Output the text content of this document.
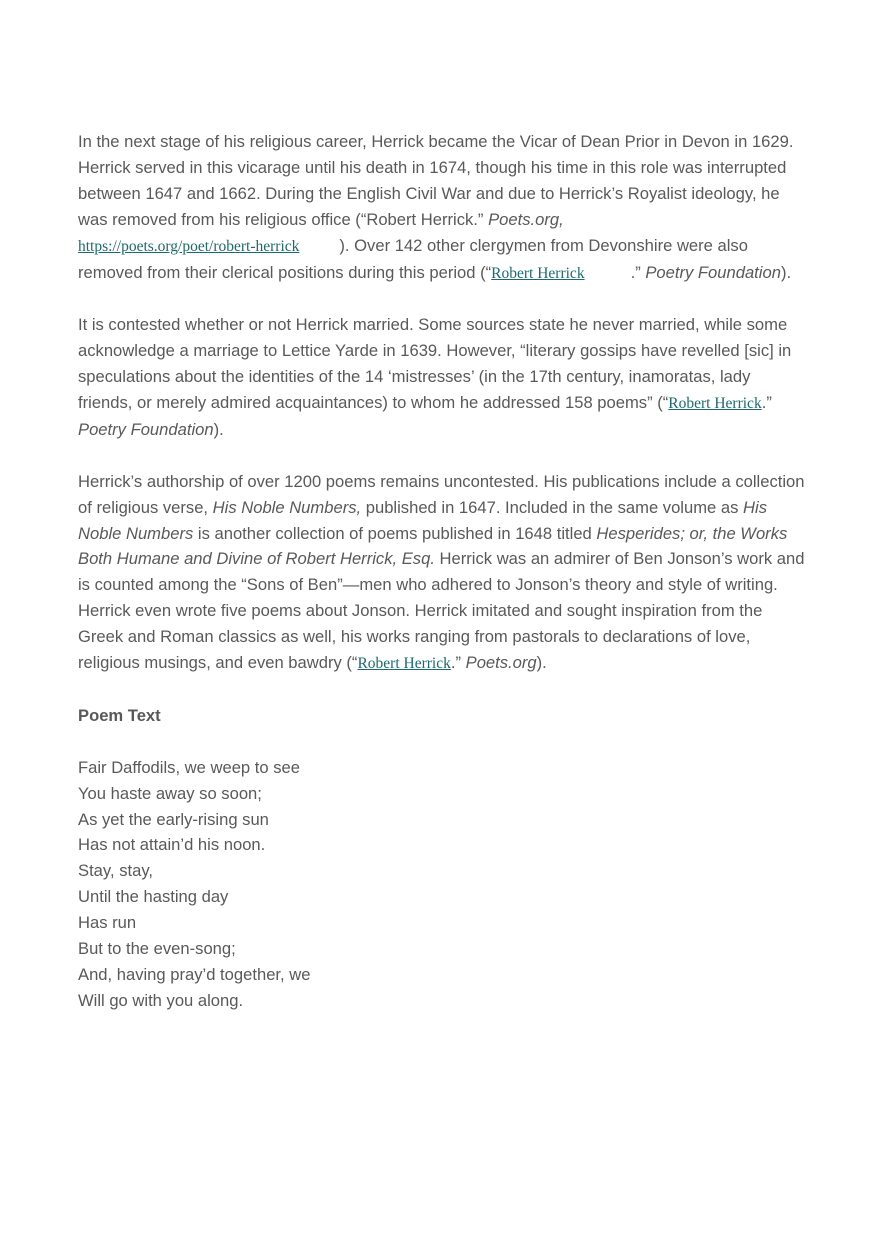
In the next stage of his religious career, Herrick became the Vicar of Dean Prior in Devon in 1629. Herrick served in this vicarage until his death in 1674, though his time in this role was interrupted between 1647 and 1662. During the English Civil War and due to Herrick’s Royalist ideology, he was removed from his religious office (“Robert Herrick.” Poets.org,
https://poets.org/poet/robert-herrick ). Over 142 other clergymen from Devonshire were also removed from their clerical positions during this period (“Robert Herrick	.” Poetry Foundation).

It is contested whether or not Herrick married. Some sources state he never married, while some acknowledge a marriage to Lettice Yarde in 1639. However, “literary gossips have revelled [sic] in speculations about the identities of the 14 ‘mistresses’ (in the 17th century, inamoratas, lady friends, or merely admired acquaintances) to whom he addressed 158 poems” (“Robert Herrick.” Poetry Foundation).

Herrick’s authorship of over 1200 poems remains uncontested. His publications include a collection of religious verse, His Noble Numbers, published in 1647. Included in the same volume as His Noble Numbers is another collection of poems published in 1648 titled Hesperides; or, the Works Both Humane and Divine of Robert Herrick, Esq. Herrick was an admirer of Ben Jonson’s work and is counted among the “Sons of Ben”—men who adhered to Jonson’s theory and style of writing. Herrick even wrote five poems about Jonson. Herrick imitated and sought inspiration from the Greek and Roman classics as well, his works ranging from pastorals to declarations of love, religious musings, and even bawdry (“Robert Herrick.” Poets.org).

Poem Text

Fair Daffodils, we weep to see
You haste away so soon;
As yet the early-rising sun
Has not attain’d his noon.
Stay, stay,
Until the hasting day
Has run
But to the even-song;
And, having pray’d together, we
Will go with you along.
